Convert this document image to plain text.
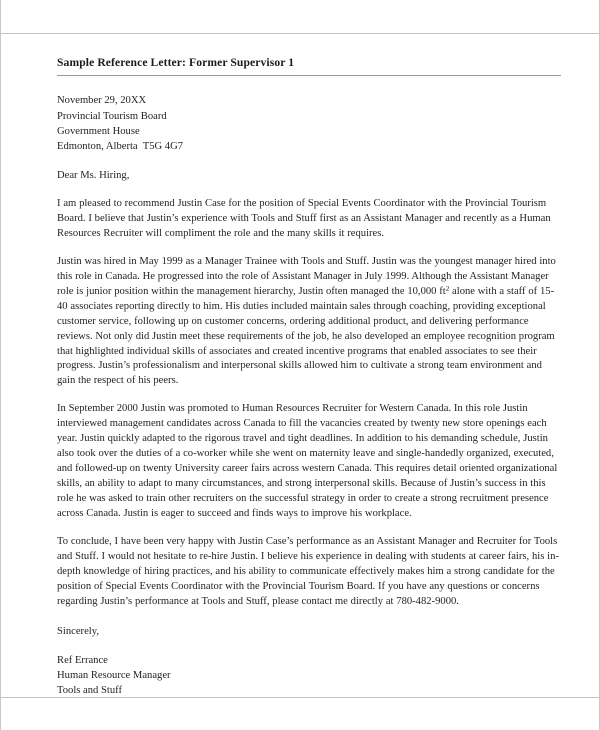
Sample Reference Letter: Former Supervisor 1
November 29, 20XX
Provincial Tourism Board
Government House
Edmonton, Alberta  T5G 4G7
Dear Ms. Hiring,

I am pleased to recommend Justin Case for the position of Special Events Coordinator with the Provincial Tourism Board. I believe that Justin’s experience with Tools and Stuff first as an Assistant Manager and recently as a Human Resources Recruiter will compliment the role and the many skills it requires.

Justin was hired in May 1999 as a Manager Trainee with Tools and Stuff. Justin was the youngest manager hired into this role in Canada. He progressed into the role of Assistant Manager in July 1999. Although the Assistant Manager role is junior position within the management hierarchy, Justin often managed the 10,000 $ft^2$ alone with a staff of 15-40 associates reporting directly to him. His duties included maintain sales through coaching, providing exceptional customer service, following up on customer concerns, ordering additional product, and delivering performance reviews. Not only did Justin meet these requirements of the job, he also developed an employee recognition program that highlighted individual skills of associates and created incentive programs that enabled associates to see their progress. Justin’s professionalism and interpersonal skills allowed him to cultivate a strong team environment and gain the respect of his peers.

In September 2000 Justin was promoted to Human Resources Recruiter for Western Canada. In this role Justin interviewed management candidates across Canada to fill the vacancies created by twenty new store openings each year. Justin quickly adapted to the rigorous travel and tight deadlines. In addition to his demanding schedule, Justin also took over the duties of a co-worker while she went on maternity leave and single-handedly organized, executed, and followed-up on twenty University career fairs across western Canada. This requires detail oriented organizational skills, an ability to adapt to many circumstances, and strong interpersonal skills. Because of Justin’s success in this role he was asked to train other recruiters on the successful strategy in order to create a strong recruitment presence across Canada. Justin is eager to succeed and finds ways to improve his workplace.

To conclude, I have been very happy with Justin Case’s performance as an Assistant Manager and Recruiter for Tools and Stuff. I would not hesitate to re-hire Justin. I believe his experience in dealing with students at career fairs, his in-depth knowledge of hiring practices, and his ability to communicate effectively makes him a strong candidate for the position of Special Events Coordinator with the Provincial Tourism Board. If you have any questions or concerns regarding Justin’s performance at Tools and Stuff, please contact me directly at 780-482-9000.

Sincerely,
Ref Errance
Human Resource Manager
Tools and Stuff
